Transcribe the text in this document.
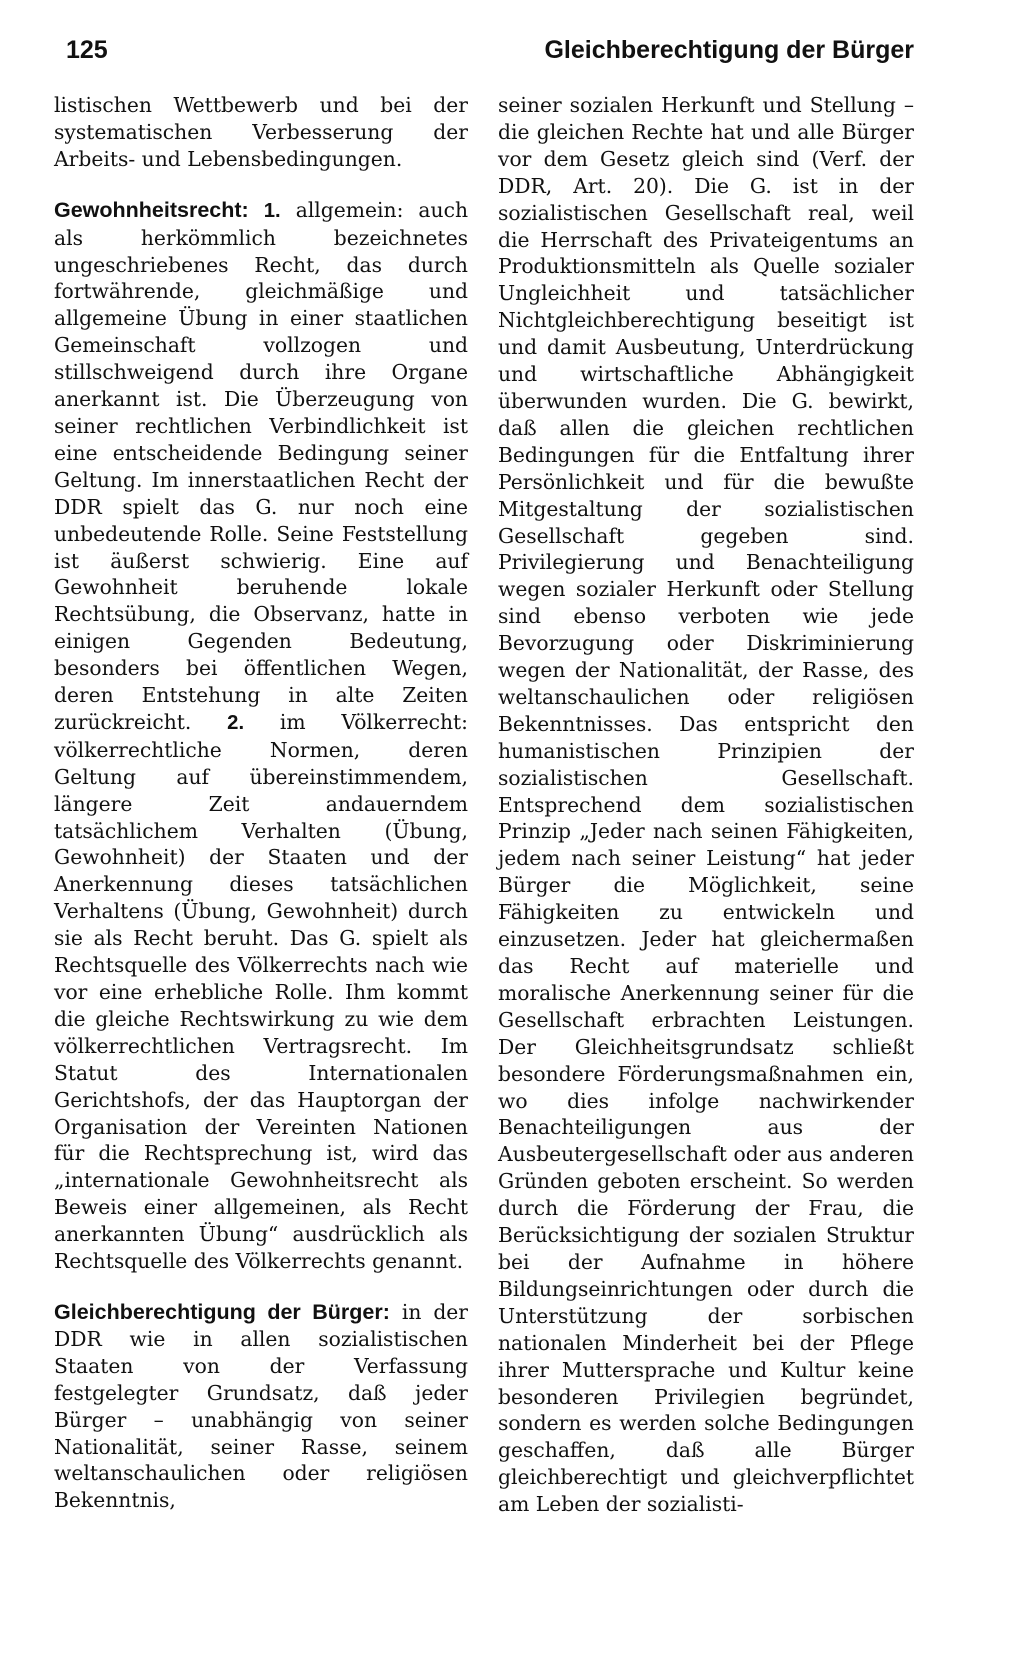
125	Gleichberechtigung der Bürger

listischen Wettbewerb und bei der systematischen Verbesserung der Arbeits- und Lebensbedingungen.

Gewohnheitsrecht: 1. allgemein: auch als herkömmlich bezeichnetes ungeschriebenes Recht, das durch fortwährende, gleichmäßige und allgemeine Übung in einer staatlichen Gemeinschaft vollzogen und stillschweigend durch ihre Organe anerkannt ist. Die Überzeugung von seiner rechtlichen Verbindlichkeit ist eine entscheidende Bedingung seiner Geltung. Im innerstaatlichen Recht der DDR spielt das G. nur noch eine unbedeutende Rolle. Seine Feststellung ist äußerst schwierig. Eine auf Gewohnheit beruhende lokale Rechtsübung, die Observanz, hatte in einigen Gegenden Bedeutung, besonders bei öffentlichen Wegen, deren Entstehung in alte Zeiten zurückreicht. 2. im Völkerrecht: völkerrechtliche Normen, deren Geltung auf übereinstimmendem, längere Zeit andauerndem tatsächlichem Verhalten (Übung, Gewohnheit) der Staaten und der Anerkennung dieses tatsächlichen Verhaltens (Übung, Gewohnheit) durch sie als Recht beruht. Das G. spielt als Rechtsquelle des Völkerrechts nach wie vor eine erhebliche Rolle. Ihm kommt die gleiche Rechtswirkung zu wie dem völkerrechtlichen Vertragsrecht. Im Statut des Internationalen Gerichtshofs, der das Hauptorgan der Organisation der Vereinten Nationen für die Rechtsprechung ist, wird das „internationale Gewohnheitsrecht als Beweis einer allgemeinen, als Recht anerkannten Übung“ ausdrücklich als Rechtsquelle des Völkerrechts genannt.

Gleichberechtigung der Bürger: in der DDR wie in allen sozialistischen Staaten von der Verfassung festgelegter Grundsatz, daß jeder Bürger – unabhängig von seiner Nationalität, seiner Rasse, seinem weltanschaulichen oder religiösen Bekenntnis,

seiner sozialen Herkunft und Stellung – die gleichen Rechte hat und alle Bürger vor dem Gesetz gleich sind (Verf. der DDR, Art. 20). Die G. ist in der sozialistischen Gesellschaft real, weil die Herrschaft des Privateigentums an Produktionsmitteln als Quelle sozialer Ungleichheit und tatsächlicher Nichtgleichberechtigung beseitigt ist und damit Ausbeutung, Unterdrückung und wirtschaftliche Abhängigkeit überwunden wurden. Die G. bewirkt, daß allen die gleichen rechtlichen Bedingungen für die Entfaltung ihrer Persönlichkeit und für die bewußte Mitgestaltung der sozialistischen Gesellschaft gegeben sind. Privilegierung und Benachteiligung wegen sozialer Herkunft oder Stellung sind ebenso verboten wie jede Bevorzugung oder Diskriminierung wegen der Nationalität, der Rasse, des weltanschaulichen oder religiösen Bekenntnisses. Das entspricht den humanistischen Prinzipien der sozialistischen Gesellschaft. Entsprechend dem sozialistischen Prinzip „Jeder nach seinen Fähigkeiten, jedem nach seiner Leistung“ hat jeder Bürger die Möglichkeit, seine Fähigkeiten zu entwickeln und einzusetzen. Jeder hat gleichermaßen das Recht auf materielle und moralische Anerkennung seiner für die Gesellschaft erbrachten Leistungen. Der Gleichheitsgrundsatz schließt besondere Förderungsmaßnahmen ein, wo dies infolge nachwirkender Benachteiligungen aus der Ausbeutergesellschaft oder aus anderen Gründen geboten erscheint. So werden durch die Förderung der Frau, die Berücksichtigung der sozialen Struktur bei der Aufnahme in höhere Bildungseinrichtungen oder durch die Unterstützung der sorbischen nationalen Minderheit bei der Pflege ihrer Muttersprache und Kultur keine besonderen Privilegien begründet, sondern es werden solche Bedingungen geschaffen, daß alle Bürger gleichberechtigt und gleichverpflichtet am Leben der sozialisti-
